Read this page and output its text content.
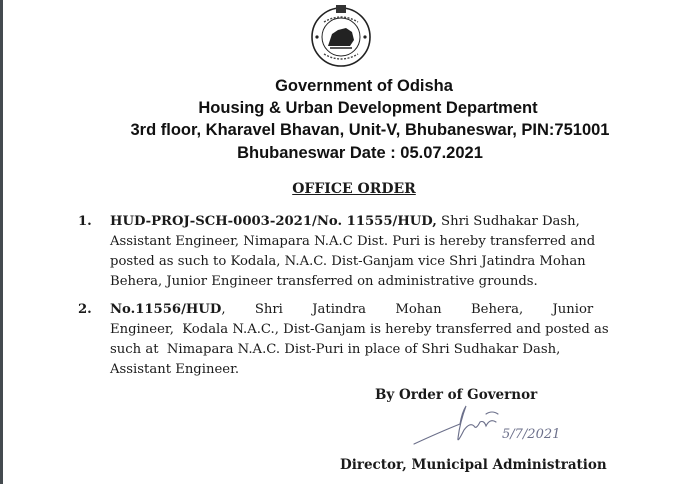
Government of Odisha
Housing & Urban Development Department
3rd floor, Kharavel Bhavan, Unit-V, Bhubaneswar, PIN:751001
Bhubaneswar Date : 05.07.2021
OFFICE ORDER
1. HUD-PROJ-SCH-0003-2021/No. 11555/HUD, Shri Sudhakar Dash,
Assistant Engineer, Nimapara N.A.C Dist. Puri is hereby transferred and
posted as such to Kodala, N.A.C. Dist-Ganjam vice Shri Jatindra Mohan
Behera, Junior Engineer transferred on administrative grounds.
2. No.11556/HUD,       Shri       Jatindra       Mohan       Behera,       Junior
Engineer,  Kodala N.A.C., Dist-Ganjam is hereby transferred and posted as
such at  Nimapara N.A.C. Dist-Puri in place of Shri Sudhakar Dash,
Assistant Engineer.
By Order of Governor
5/7/2021
Director, Municipal Administration
